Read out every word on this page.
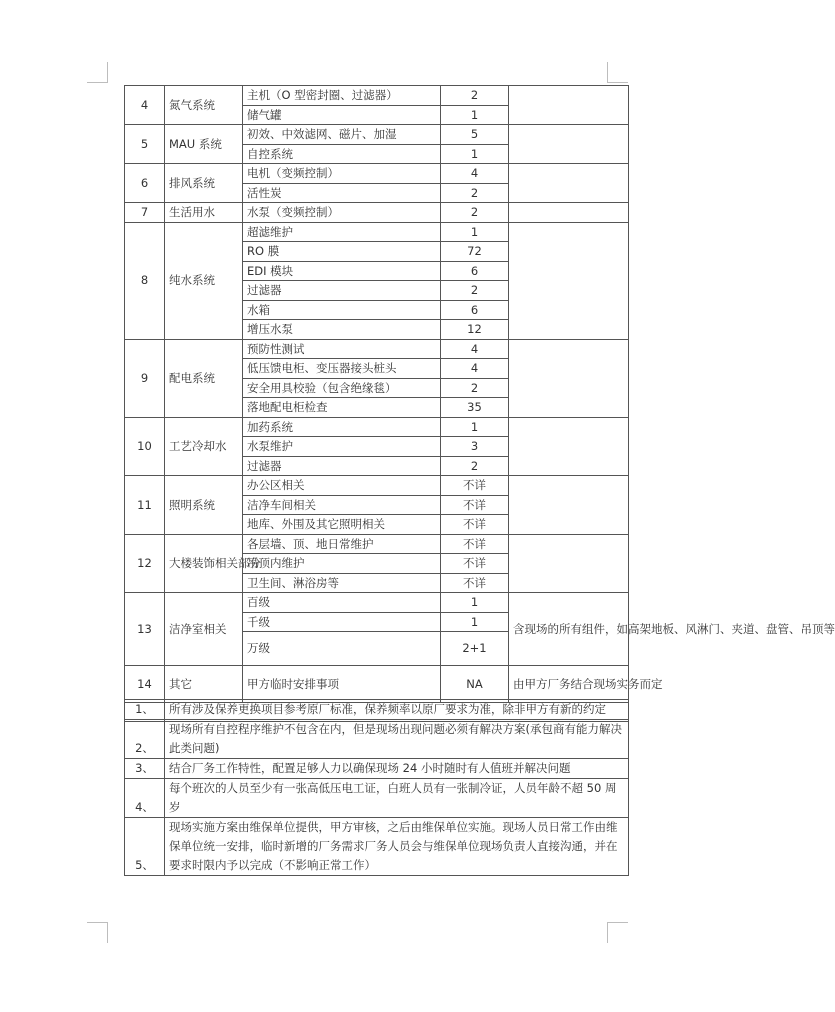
4	氮气系统	主机（O 型密封圈、过滤器）	2	
		储气罐	1	
5	MAU 系统	初效、中效滤网、磁片、加湿	5	
		自控系统	1	
6	排风系统	电机（变频控制）	4	
		活性炭	2	
7	生活用水	水泵（变频控制）	2	
8	纯水系统	超滤维护	1	
		RO 膜	72	
		EDI 模块	6	
		过滤器	2	
		水箱	6	
		增压水泵	12	
9	配电系统	预防性测试	4	
		低压馈电柜、变压器接头桩头	4	
		安全用具校验（包含绝缘毯）	2	
		落地配电柜检查	35	
10	工艺冷却水	加药系统	1	
		水泵维护	3	
		过滤器	2	
11	照明系统	办公区相关	不详	
		洁净车间相关	不详	
		地库、外围及其它照明相关	不详	
12	大楼装饰相关部分	各层墙、顶、地日常维护	不详	
		吊顶内维护	不详	
		卫生间、淋浴房等	不详	
13	洁净室相关	百级	1	含现场的所有组件，如高架地板、风淋门、夹道、盘管、吊顶等
		千级	1	
		万级	2+1	
14	其它	甲方临时安排事项	NA	由甲方厂务结合现场实务而定

1、	所有涉及保养更换项目参考原厂标准，保养频率以原厂要求为准，除非甲方有新的约定
2、	现场所有自控程序维护不包含在内，但是现场出现问题必须有解决方案(承包商有能力解决此类问题)
3、	结合厂务工作特性，配置足够人力以确保现场 24 小时随时有人值班并解决问题
4、	每个班次的人员至少有一张高低压电工证，白班人员有一张制冷证，人员年龄不超 50 周岁
5、	现场实施方案由维保单位提供，甲方审核，之后由维保单位实施。现场人员日常工作由维保单位统一安排，临时新增的厂务需求厂务人员会与维保单位现场负责人直接沟通，并在要求时限内予以完成（不影响正常工作）
